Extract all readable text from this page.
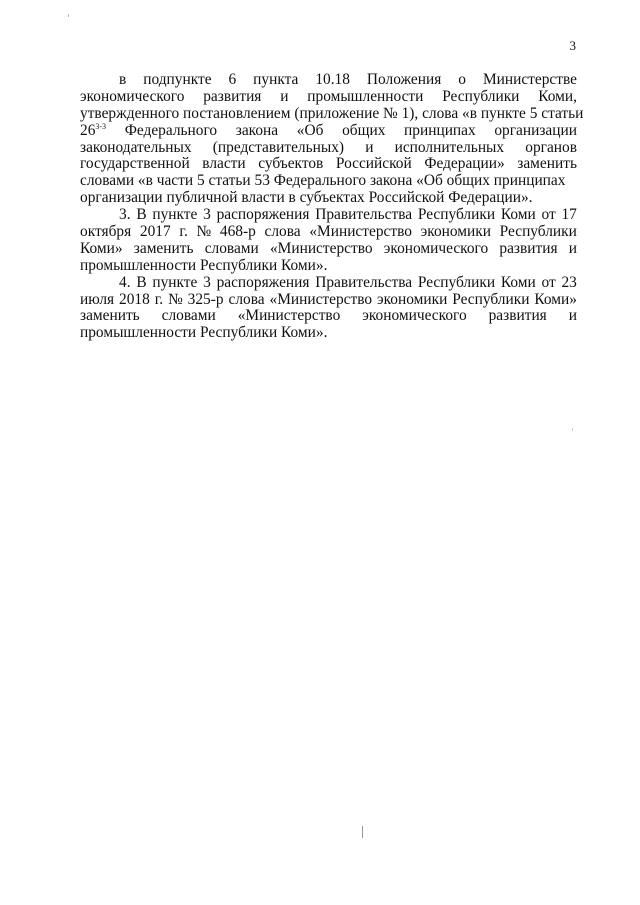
3
в подпункте 6 пункта 10.18 Положения о Министерстве
экономического развития и промышленности Республики Коми,
утвержденного постановлением (приложение № 1), слова «в пункте 5 статьи
26$^{3-3}$ Федерального закона «Об общих принципах организации
законодательных (представительных) и исполнительных органов
государственной власти субъектов Российской Федерации» заменить
словами «в части 5 статьи 53 Федерального закона «Об общих принципах
организации публичной власти в субъектах Российской Федерации».
3. В пункте 3 распоряжения Правительства Республики Коми от 17
октября 2017 г. № 468-р слова «Министерство экономики Республики
Коми» заменить словами «Министерство экономического развития и
промышленности Республики Коми».
4. В пункте 3 распоряжения Правительства Республики Коми от 23
июля 2018 г. № 325-р слова «Министерство экономики Республики Коми»
заменить словами «Министерство экономического развития и
промышленности Республики Коми».
